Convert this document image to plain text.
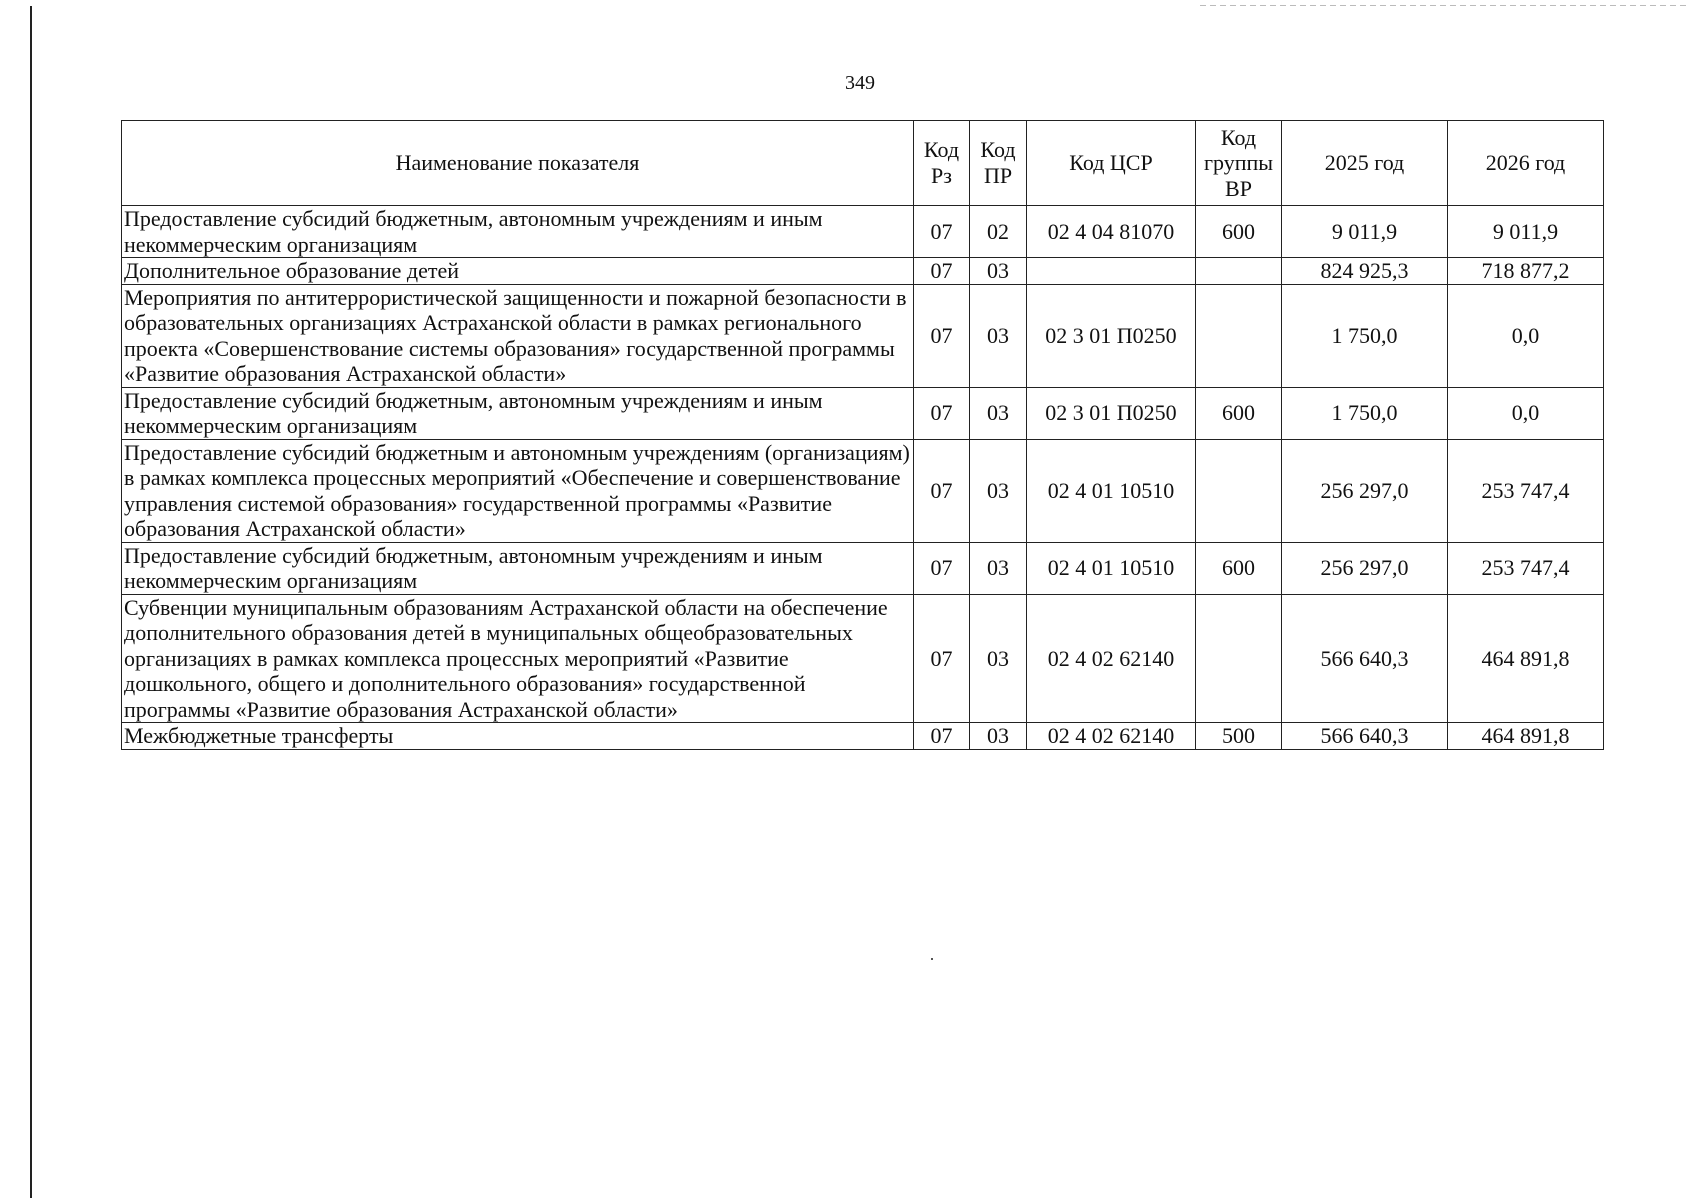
349
Наименование показателя	Код Рз	Код ПР	Код ЦСР	Код группы ВР	2025 год	2026 год
Предоставление субсидий бюджетным, автономным учреждениям и иным некоммерческим организациям	07	02	02 4 04 81070	600	9 011,9	9 011,9
Дополнительное образование детей	07	03			824 925,3	718 877,2
Мероприятия по антитеррористической защищенности и пожарной безопасности в образовательных организациях Астраханской области в рамках регионального проекта «Совершенствование системы образования» государственной программы «Развитие образования Астраханской области»	07	03	02 3 01 П0250		1 750,0	0,0
Предоставление субсидий бюджетным, автономным учреждениям и иным некоммерческим организациям	07	03	02 3 01 П0250	600	1 750,0	0,0
Предоставление субсидий бюджетным и автономным учреждениям (организациям) в рамках комплекса процессных мероприятий «Обеспечение и совершенствование управления системой образования» государственной программы «Развитие образования Астраханской области»	07	03	02 4 01 10510		256 297,0	253 747,4
Предоставление субсидий бюджетным, автономным учреждениям и иным некоммерческим организациям	07	03	02 4 01 10510	600	256 297,0	253 747,4
Субвенции муниципальным образованиям Астраханской области на обеспечение дополнительного образования детей в муниципальных общеобразовательных организациях в рамках комплекса процессных мероприятий «Развитие дошкольного, общего и дополнительного образования» государственной программы «Развитие образования Астраханской области»	07	03	02 4 02 62140		566 640,3	464 891,8
Межбюджетные трансферты	07	03	02 4 02 62140	500	566 640,3	464 891,8
